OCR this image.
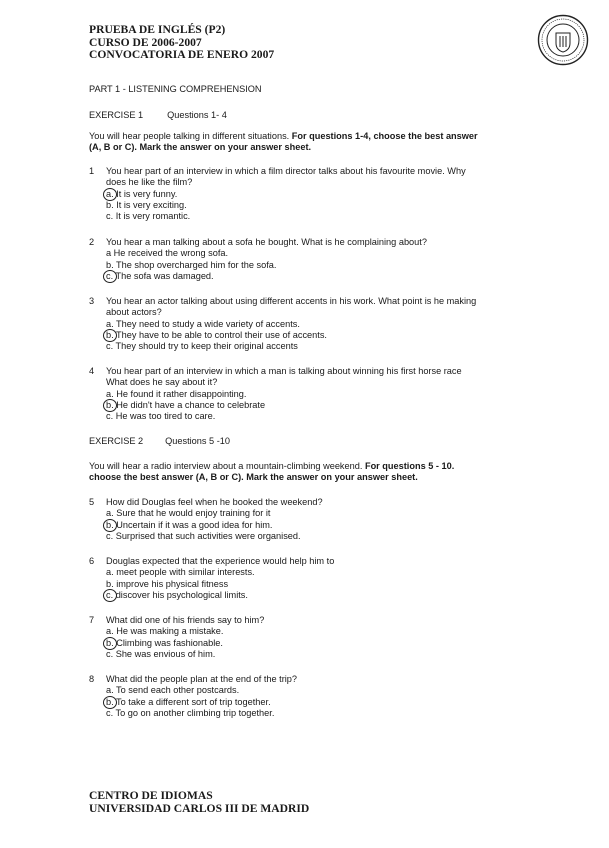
PRUEBA DE INGLÉS (P2)
CURSO DE 2006-2007
CONVOCATORIA DE ENERO 2007
PART 1 - LISTENING COMPREHENSION
EXERCISE 1	Questions 1- 4
You will hear people talking in different situations. For questions 1-4, choose the best answer
(A, B or C). Mark the answer on your answer sheet.
1 You hear part of an interview in which a film director talks about his favourite movie. Why
does he like the film?
a. It is very funny.
b. It is very exciting.
c. It is very romantic.
2 You hear a man talking about a sofa he bought. What is he complaining about?
a He received the wrong sofa.
b. The shop overcharged him for the sofa.
c. The sofa was damaged.
3 You hear an actor talking about using different accents in his work. What point is he making
about actors?
a. They need to study a wide variety of accents.
b. They have to be able to control their use of accents.
c. They should try to keep their original accents
4 You hear part of an interview in which a man is talking about winning his first horse race
What does he say about it?
a. He found it rather disappointing.
b. He didn't have a chance to celebrate
c. He was too tired to care.
EXERCISE 2 Questions 5 -10
You will hear a radio interview about a mountain-climbing weekend. For questions 5 - 10.
choose the best answer (A, B or C). Mark the answer on your answer sheet.
5 How did Douglas feel when he booked the weekend?
a. Sure that he would enjoy training for it
b. Uncertain if it was a good idea for him.
c. Surprised that such activities were organised.
6 Douglas expected that the experience would help him to
a. meet people with similar interests.
b. improve his physical fitness
c. discover his psychological limits.
7 What did one of his friends say to him?
a. He was making a mistake.
b. Climbing was fashionable.
c. She was envious of him.
8 What did the people plan at the end of the trip?
a. To send each other postcards.
b. To take a different sort of trip together.
c. To go on another climbing trip together.
CENTRO DE IDIOMAS
UNIVERSIDAD CARLOS III DE MADRID
